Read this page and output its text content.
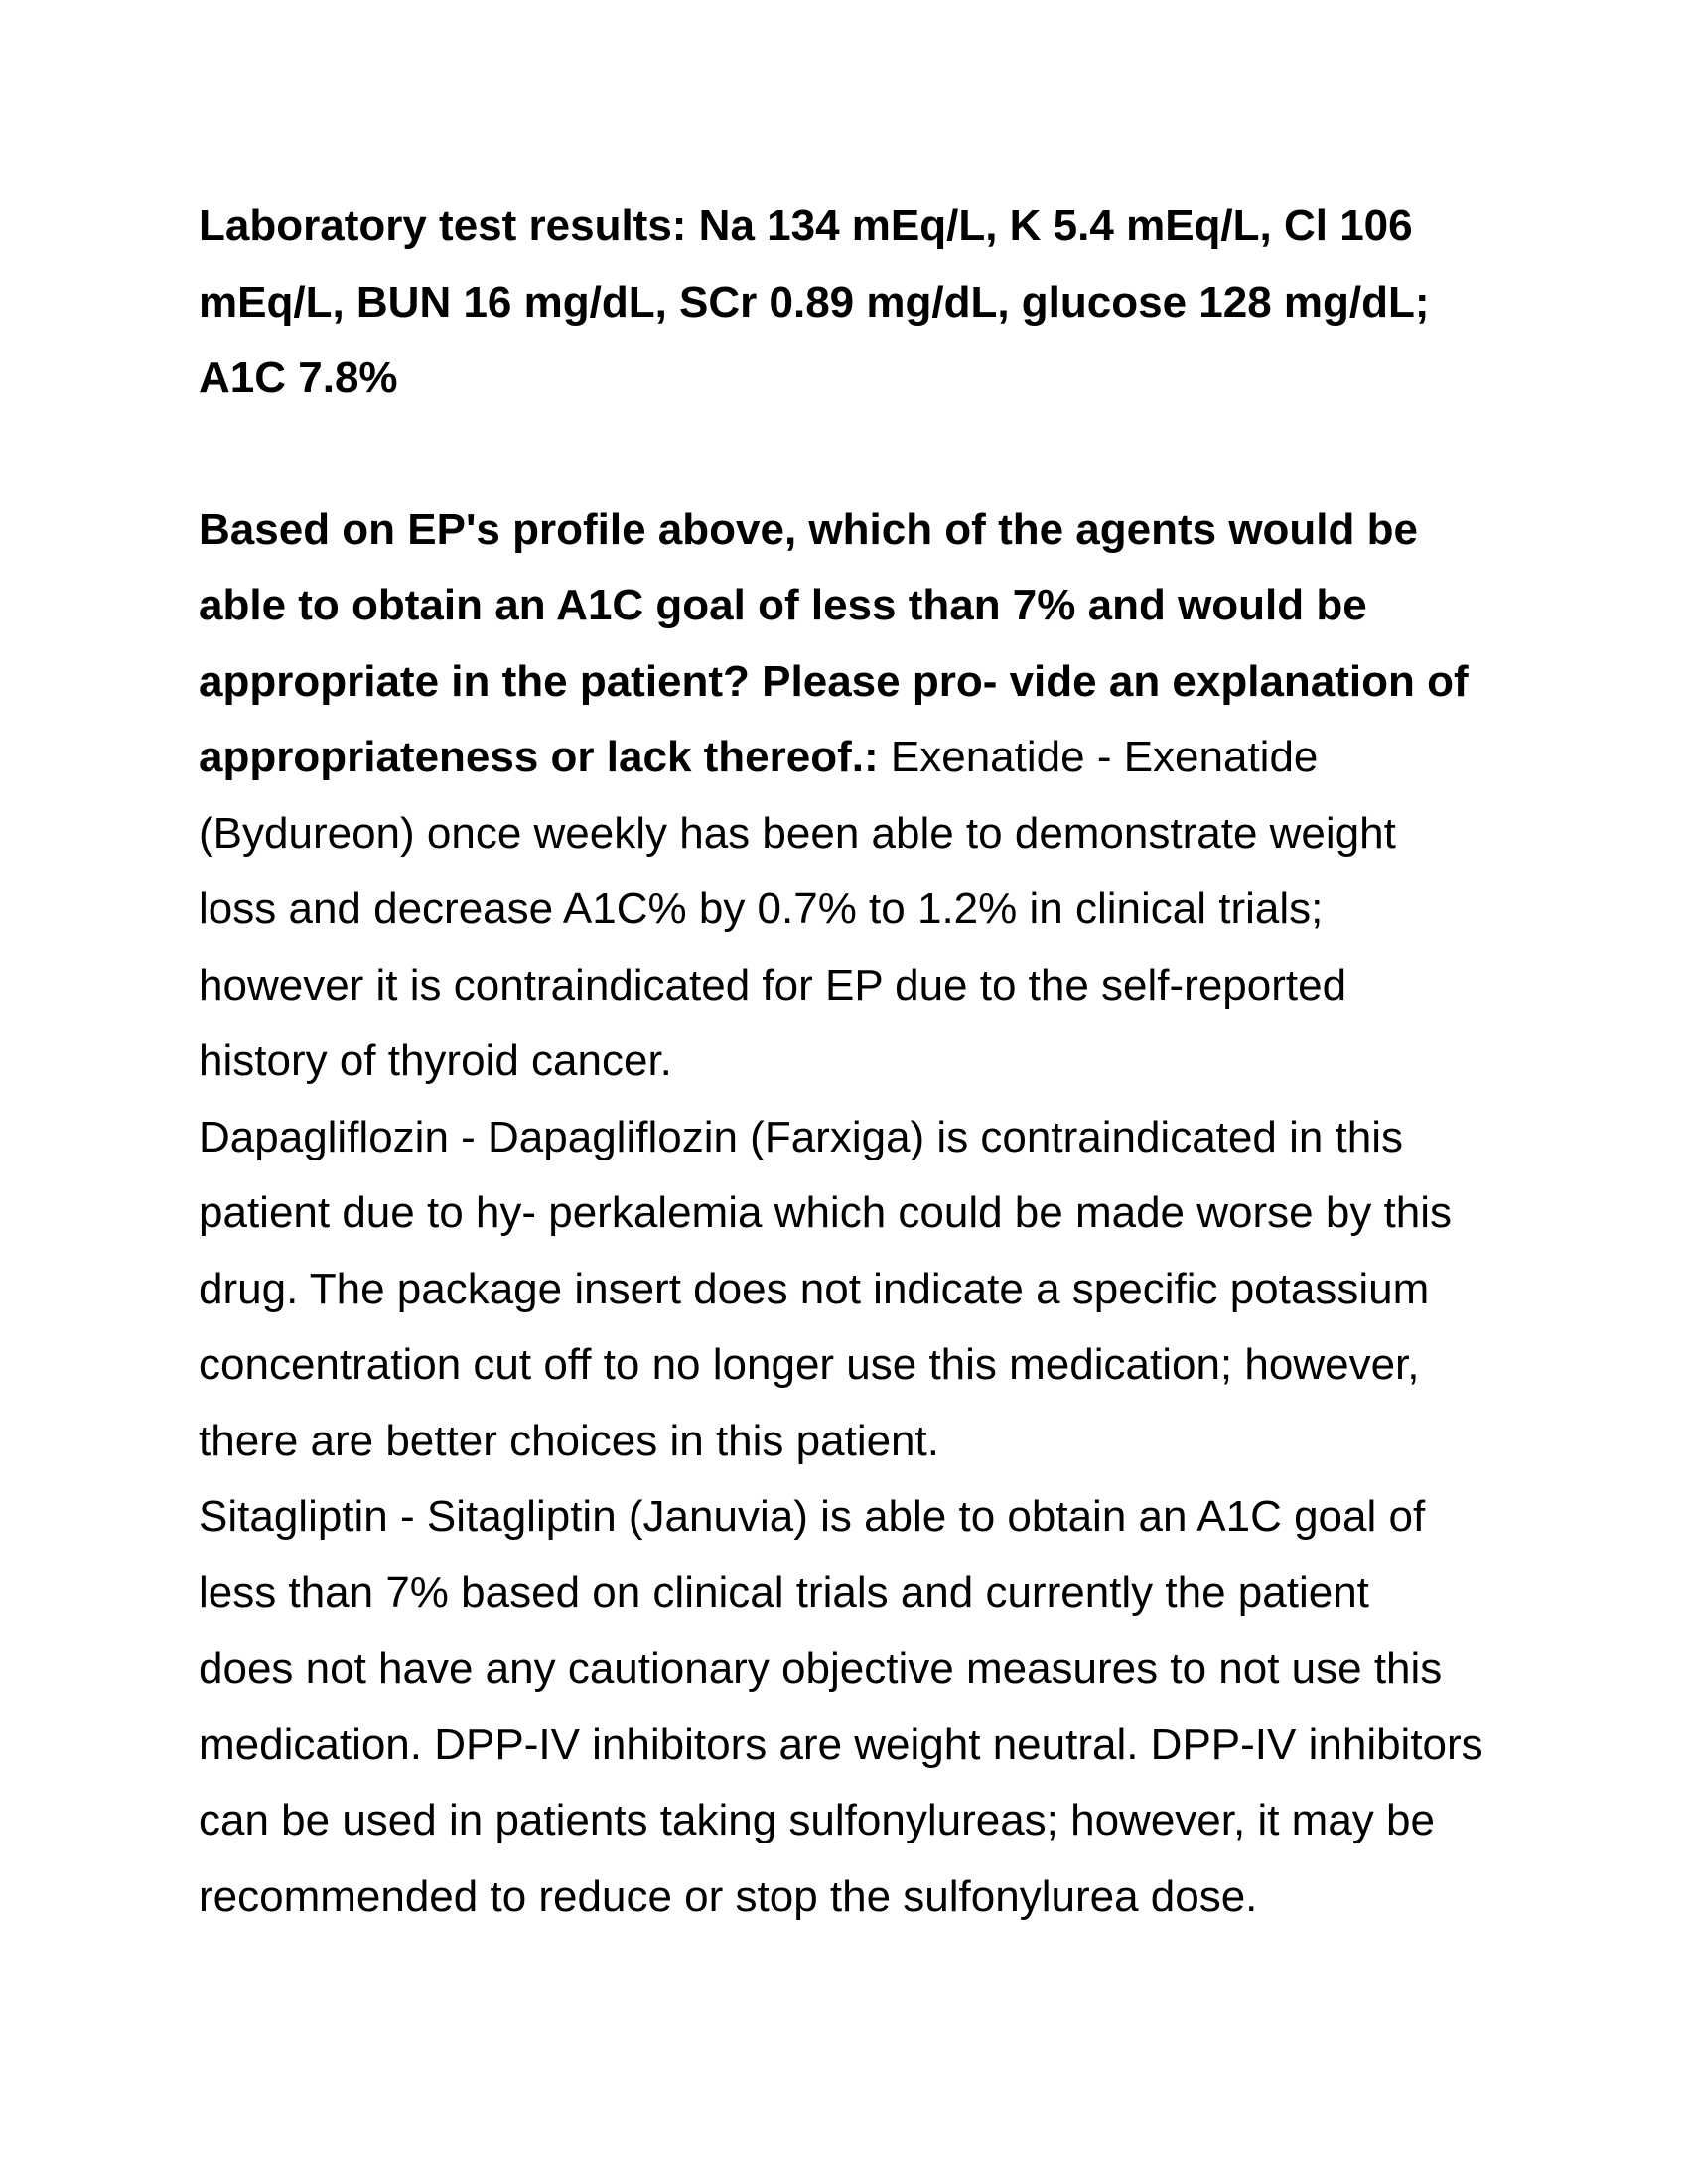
Laboratory test results: Na 134 mEq/L, K 5.4 mEq/L, Cl 106
mEq/L, BUN 16 mg/dL, SCr 0.89 mg/dL, glucose 128 mg/dL;
A1C 7.8%

Based on EP's profile above, which of the agents would be
able to obtain an A1C goal of less than 7% and would be
appropriate in the patient? Please pro- vide an explanation of
appropriateness or lack thereof.: Exenatide - Exenatide

(Bydureon) once weekly has been able to demonstrate weight
loss and decrease A1C% by 0.7% to 1.2% in clinical trials;
however it is contraindicated for EP due to the self-reported
history of thyroid cancer.

Dapagliflozin - Dapagliflozin (Farxiga) is contraindicated in this
patient due to hy- perkalemia which could be made worse by this
drug. The package insert does not indicate a specific potassium
concentration cut off to no longer use this medication; however,
there are better choices in this patient.

Sitagliptin - Sitagliptin (Januvia) is able to obtain an A1C goal of
less than 7% based on clinical trials and currently the patient
does not have any cautionary objective measures to not use this
medication. DPP-IV inhibitors are weight neutral. DPP-IV inhibitors
can be used in patients taking sulfonylureas; however, it may be
recommended to reduce or stop the sulfonylurea dose.
